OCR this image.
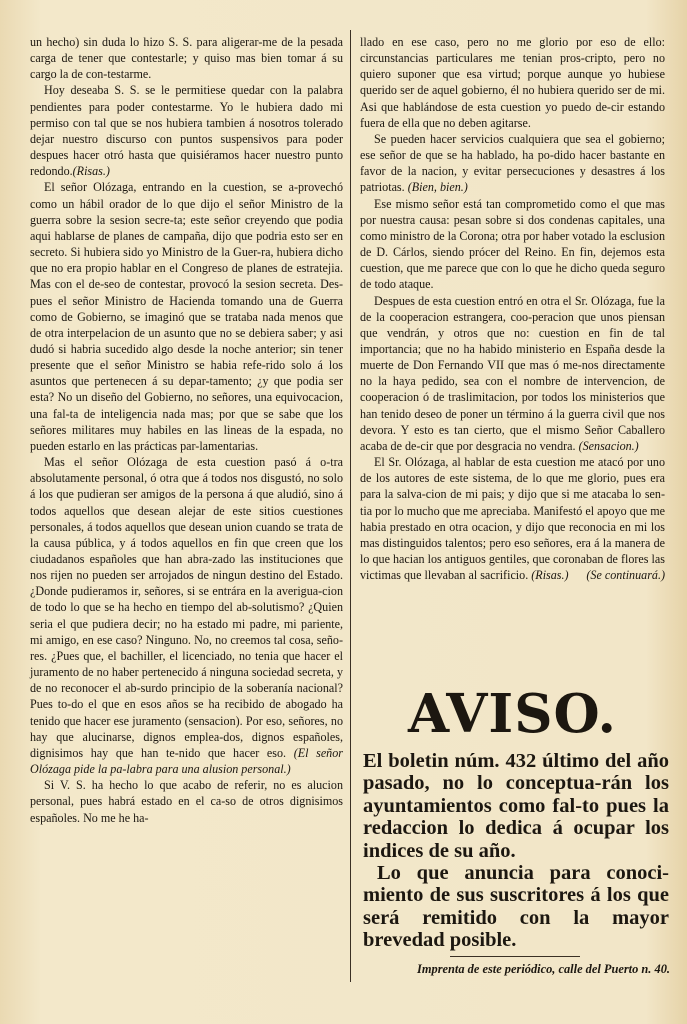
un hecho) sin duda lo hizo S. S. para aligerar-me de la pesada carga de tener que contestarle; y quiso mas bien tomar á su cargo la de con-testarme.

Hoy deseaba S. S. se le permitiese quedar con la palabra pendientes para poder contestarme. Yo le hubiera dado mi permiso con tal que se nos hubiera tambien á nosotros tolerado dejar nuestro discurso con puntos suspensivos para poder despues hacer otró hasta que quisiéramos hacer nuestro punto redondo.(Risas.)

El señor Olózaga, entrando en la cuestion, se a-provechó como un hábil orador de lo que dijo el señor Ministro de la guerra sobre la sesion secre-ta; este señor creyendo que podia aqui hablarse de planes de campaña, dijo que podria esto ser en secreto. Si hubiera sido yo Ministro de la Guer-ra, hubiera dicho que no era propio hablar en el Congreso de planes de estratejia. Mas con el de-seo de contestar, provocó la sesion secreta. Des-pues el señor Ministro de Hacienda tomando una de Guerra como de Gobierno, se imaginó que se trataba nada menos que de otra interpelacion de un asunto que no se debiera saber; y asi dudó si habria sucedido algo desde la noche anterior; sin tener presente que el señor Ministro se habia refe-rido solo á los asuntos que pertenecen á su depar-tamento; ¿y que podia ser esta? No un diseño del Gobierno, no señores, una equivocacion, una fal-ta de inteligencia nada mas; por que se sabe que los señores militares muy habiles en las lineas de la espada, no pueden estarlo en las prácticas par-lamentarias.

Mas el señor Olózaga de esta cuestion pasó á o-tra absolutamente personal, ó otra que á todos nos disgustó, no solo á los que pudieran ser amigos de la persona á que aludió, sino á todos aquellos que desean alejar de este sitios cuestiones personales, á todos aquellos que desean union cuando se trata de la causa pública, y á todos aquellos en fin que creen que los ciudadanos españoles que han abra-zado las instituciones que nos rijen no pueden ser arrojados de ningun destino del Estado. ¿Donde pudieramos ir, señores, si se entrára en la averigua-cion de todo lo que se ha hecho en tiempo del ab-solutismo? ¿Quien seria el que pudiera decir; no ha estado mi padre, mi pariente, mi amigo, en ese caso? Ninguno. No, no creemos tal cosa, seño-res. ¿Pues que, el bachiller, el licenciado, no tenia que hacer el juramento de no haber pertenecido á ninguna sociedad secreta, y de no reconocer el ab-surdo principio de la soberanía nacional? Pues to-do el que en esos años se ha recibido de abogado ha tenido que hacer ese juramento (sensacion). Por eso, señores, no hay que alucinarse, dignos emplea-dos, dignos españoles, dignisimos hay que han te-nido que hacer eso. (El señor Olózaga pide la pa-labra para una alusion personal.)

Si V. S. ha hecho lo que acabo de referir, no es alucion personal, pues habrá estado en el ca-so de otros dignisimos españoles. No me he ha-

llado en ese caso, pero no me glorio por eso de ello: circunstancias particulares me tenian pros-cripto, pero no quiero suponer que esa virtud; porque aunque yo hubiese querido ser de aquel gobierno, él no hubiera querido ser de mi. Asi que hablándose de esta cuestion yo puedo de-cir estando fuera de ella que no deben agitarse.

Se pueden hacer servicios cualquiera que sea el gobierno; ese señor de que se ha hablado, ha po-dido hacer bastante en favor de la nacion, y evitar persecuciones y desastres á los patriotas. (Bien, bien.)

Ese mismo señor está tan comprometido como el que mas por nuestra causa: pesan sobre si dos condenas capitales, una como ministro de la Corona; otra por haber votado la esclusion de D. Cárlos, siendo prócer del Reino. En fin, dejemos esta cuestion, que me parece que con lo que he dicho queda seguro de todo ataque.

Despues de esta cuestion entró en otra el Sr. Olózaga, fue la de la cooperacion estrangera, coo-peracion que unos piensan que vendrán, y otros que no: cuestion en fin de tal importancia; que no ha habido ministerio en España desde la muerte de Don Fernando VII que mas ó me-nos directamente no la haya pedido, sea con el nombre de intervencion, de cooperacion ó de traslimitacion, por todos los ministerios que han tenido deseo de poner un término á la guerra civil que nos devora. Y esto es tan cierto, que el mismo Señor Caballero acaba de de-cir que por desgracia no vendra. (Sensacion.)

El Sr. Olózaga, al hablar de esta cuestion me atacó por uno de los autores de este sistema, de lo que me glorio, pues era para la salva-cion de mi pais; y dijo que si me atacaba lo sen-tia por lo mucho que me apreciaba. Manifestó el apoyo que me habia prestado en otra ocacion, y dijo que reconocia en mi los mas distinguidos talentos; pero eso señores, era á la manera de lo que hacian los antiguos gentiles, que coronaban de flores las victimas que llevaban al sacrificio. (Risas.)	(Se continuará.)

AVISO.

El boletin núm. 432 último del año pasado, no lo conceptua-rán los ayuntamientos como fal-to pues la redaccion lo dedica á ocupar los indices de su año.

Lo que anuncia para conoci-miento de sus suscritores á los que será remitido con la mayor brevedad posible.

Imprenta de este periódico, calle del Puerto n. 40.
